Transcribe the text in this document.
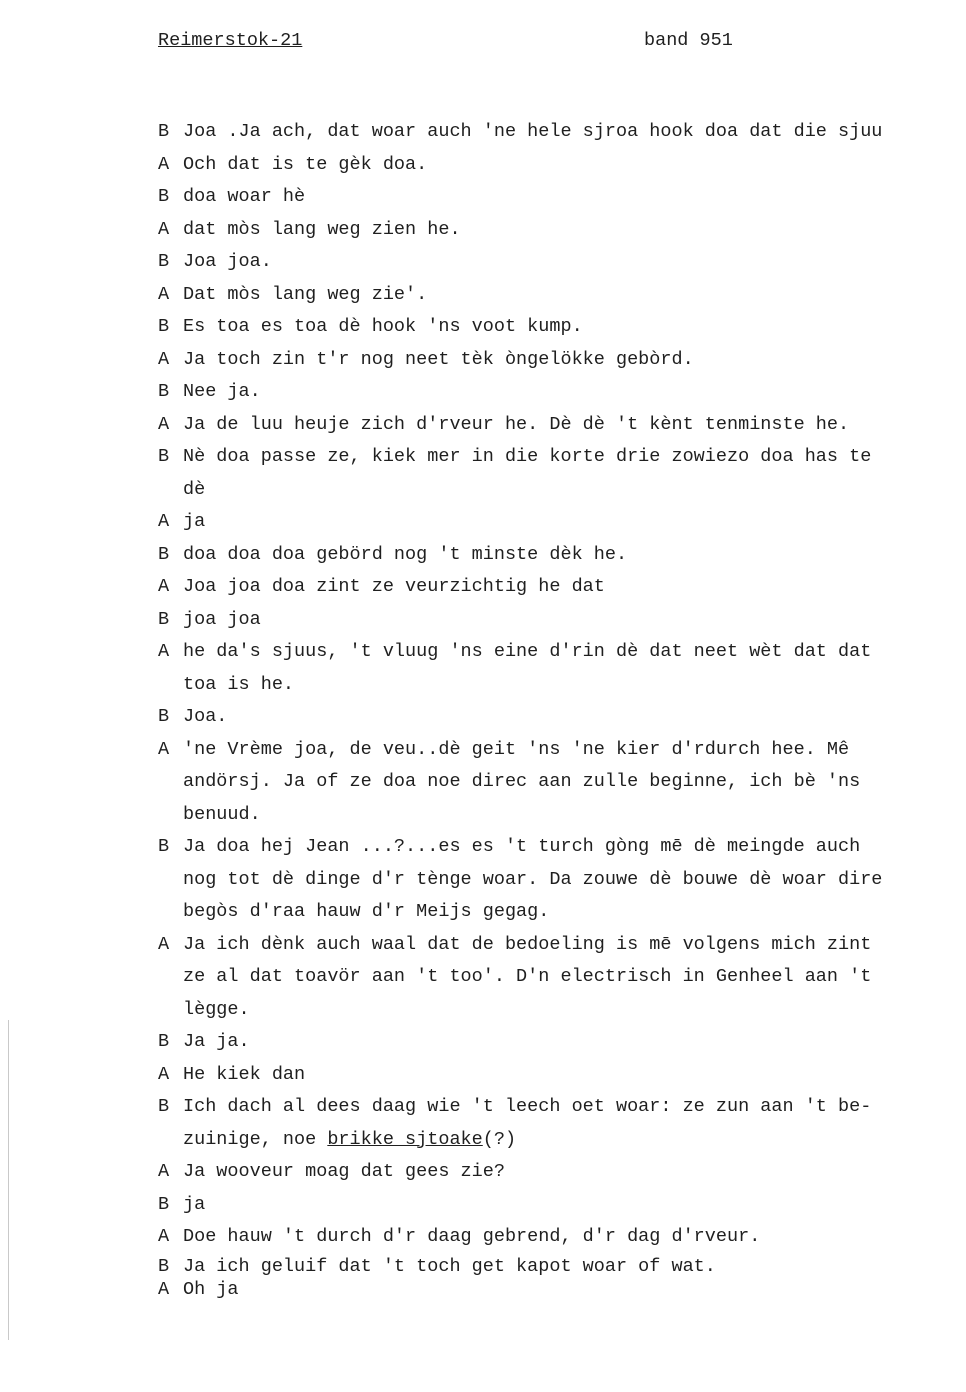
Reimerstok-21	band 951
B Joa .Ja ach, dat woar auch 'ne hele sjroa hook doa dat die sjuu
A Och dat is te gèk doa.
B doa woar hè
A dat mòs lang weg zien he.
B Joa joa.
A Dat mòs lang weg zie'.
B Es toa es toa dè hook 'ns voot kump.
A Ja toch zin t'r nog neet tèk òngelökke gebòrd.
B Nee ja.
A Ja de luu heuje zich d'rveur he. Dè dè 't kènt tenminste he.
B Nè doa passe ze, kiek mer in die korte drie zowiezo doa has te
dè
A ja
B doa doa doa gebörd nog 't minste dèk he.
A Joa joa doa zint ze veurzichtig he dat
B joa joa
A he da's sjuus, 't vluug 'ns eine d'rin dè dat neet wèt dat dat
toa is he.
B Joa.
A 'ne Vrème joa, de veu..dè geit 'ns 'ne kier d'rdurch hee. Mê
andörsj. Ja of ze doa noe direc aan zulle beginne, ich bè 'ns
benuud.
B Ja doa hej Jean ...?...es es 't turch gòng mē dè meingde auch
nog tot dè dinge d'r tènge woar. Da zouwe dè bouwe dè woar dire
begòs d'raa hauw d'r Meijs gegag.
A Ja ich dènk auch waal dat de bedoeling is mē volgens mich zint
ze al dat toavör aan 't too'. D'n electrisch in Genheel aan 't
lègge.
B Ja ja.
A He kiek dan
B Ich dach al dees daag wie 't leech oet woar: ze zun aan 't be-
zuinige, noe brikke sjtoake(?)
A Ja wooveur moag dat gees zie?
B ja
A Doe hauw 't durch d'r daag gebrend, d'r dag d'rveur.
B Ja ich geluif dat 't toch get kapot woar of wat.
A Oh ja
